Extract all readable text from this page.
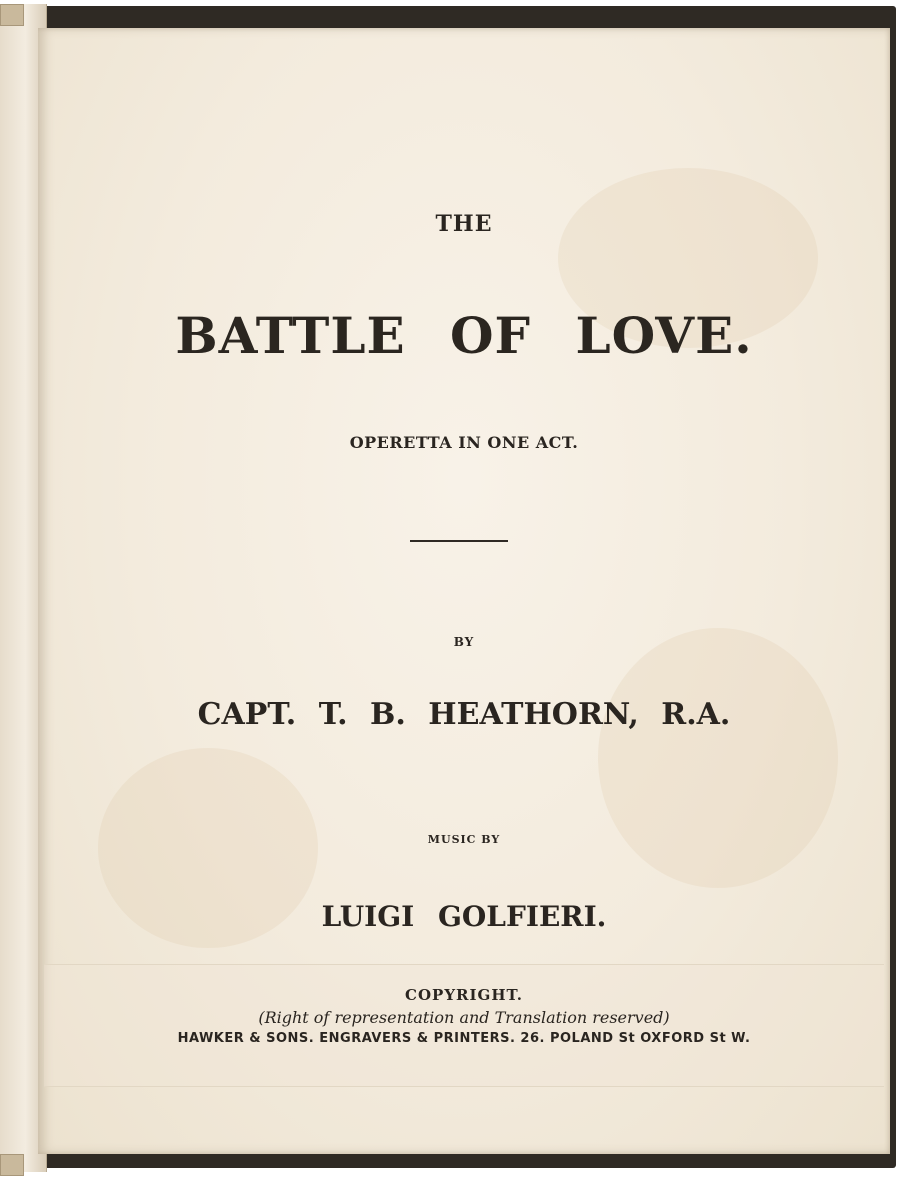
THE
BATTLE OF LOVE.
OPERETTA IN ONE ACT.
BY
CAPT. T. B. HEATHORN, R.A.
MUSIC BY
LUIGI GOLFIERI.
COPYRIGHT.
(Right of representation and Translation reserved)
HAWKER & SONS. ENGRAVERS & PRINTERS. 26. POLAND St OXFORD St W.
